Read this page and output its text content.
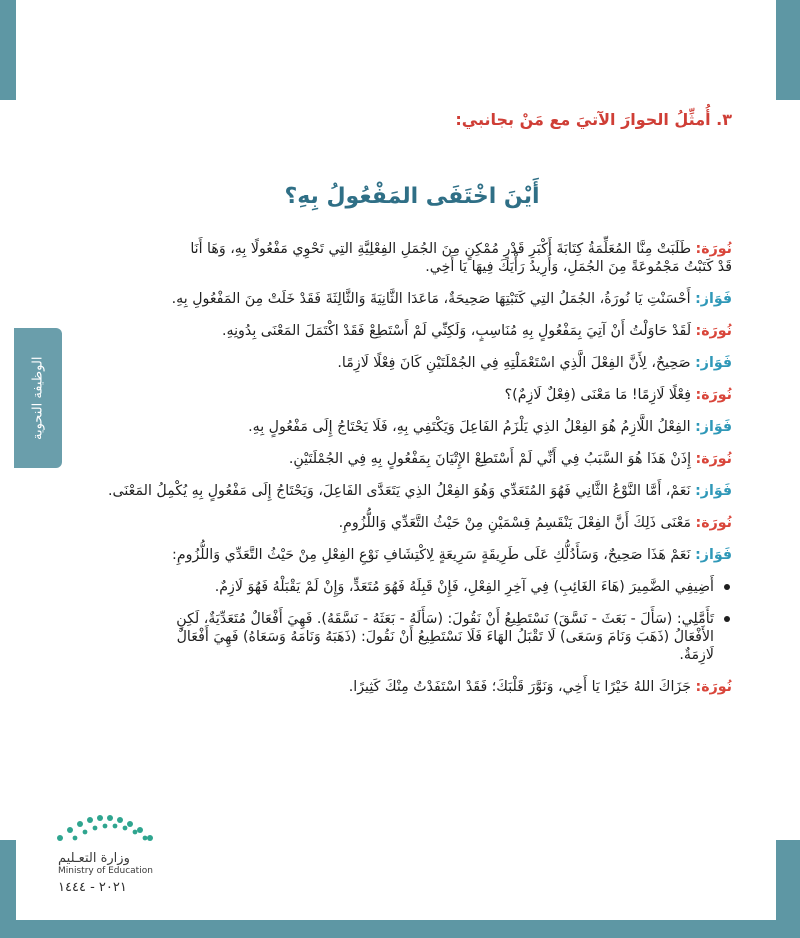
الوظيفة النحوية

٣. أُمثِّلُ الحوارَ الآتيَ مع مَنْ بجانبي:

أَيْنَ اخْتَفَى المَفْعُولُ بِهِ؟

نُورَة: طَلَبَتْ مِنَّا المُعَلِّمَةُ كِتَابَةَ أَكْبَرِ قَدْرٍ مُمْكِنٍ مِنَ الجُمَلِ الفِعْلِيَّةِ التِي تَحْوِي مَفْعُولًا بِهِ، وَهَا أَنَا

قَدْ كَتَبْتُ مَجْمُوعَةً مِنَ الجُمَلِ، وَأُرِيدُ رَأْيَكَ فِيهَا يَا أَخِي.

فَوَاز: أَحْسَنْتِ يَا نُورَةُ، الجُمَلُ التِي كَتَبْتِهَا صَحِيحَةٌ، مَاعَدَا الثَّانِيَةَ وَالثَّالِثَةَ فَقَدْ خَلَتْ مِنَ المَفْعُولِ بِهِ.

نُورَة: لَقَدْ حَاوَلْتُ أَنْ آتِيَ بِمَفْعُولٍ بِهِ مُنَاسِبٍ، وَلَكِنِّي لَمْ أَسْتَطِعْ فَقَدْ اكْتَمَلَ المَعْنَى بِدُونِهِ.

فَوَاز: صَحِيحٌ، لِأَنَّ الفِعْلَ الَّذِي اسْتَعْمَلْتِهِ فِي الجُمْلَتَيْنِ كَانَ فِعْلًا لَازِمًا.

نُورَة: فِعْلًا لَازِمًا! مَا مَعْنَى (فِعْلٌ لَازِمٌ)؟

فَوَاز: الفِعْلُ اللَّازِمُ هُوَ الفِعْلُ الذِي يَلْزَمُ الفَاعِلَ وَيَكْتَفِي بِهِ، فَلَا يَحْتَاجُ إِلَى مَفْعُولٍ بِهِ.

نُورَة: إِذَنْ هَذَا هُوَ السَّبَبُ فِي أَنِّي لَمْ أَسْتَطِعْ الإِتْيَانَ بِمَفْعُولٍ بِهِ فِي الجُمْلَتَيْنِ.

فَوَاز: نَعَمْ، أَمَّا النَّوْعُ الثَّانِي فَهُوَ المُتَعَدِّي وَهُوَ الفِعْلُ الذِي يَتَعَدَّى الفَاعِلَ، وَيَحْتَاجُ إِلَى مَفْعُولٍ بِهِ يُكْمِلُ المَعْنَى.

نُورَة: مَعْنَى ذَلِكَ أَنَّ الفِعْلَ يَنْقَسِمُ قِسْمَيْنِ مِنْ حَيْثُ التَّعَدِّي وَاللُّزُومِ.

فَوَاز: نَعَمْ هَذَا صَحِيحٌ، وَسَأَدُلُّكِ عَلَى طَرِيقَةٍ سَرِيعَةٍ لِاكْتِشَافِ نَوْعِ الفِعْلِ مِنْ حَيْثُ التَّعَدِّي وَاللُّزُومِ:

أَضِيفِي الضَّمِيرَ (هَاءَ الغَائِبِ) فِي آخِرِ الفِعْلِ، فَإِنْ قَبِلَهُ فَهُوَ مُتَعَدٍّ، وَإِنْ لَمْ يَقْبَلْهُ فَهُوَ لَازِمٌ.

تَأَمَّلِي: (سَأَلَ - بَعَثَ - نَسَّقَ) نَسْتَطِيعُ أَنْ نَقُولَ: (سَأَلَهُ - بَعَثَهُ - نَسَّقَهُ). فَهِيَ أَفْعَالٌ مُتَعَدِّيَةٌ، لَكِنِ

الأَفْعَالُ (ذَهَبَ وَنَامَ وَسَعَى) لَا تَقْبَلُ الهَاءَ فَلَا نَسْتَطِيعُ أَنْ نَقُولَ: (ذَهَبَهُ وَنَامَهُ وَسَعَاهُ) فَهِيَ أَفْعَالٌ

لَازِمَةٌ.

نُورَة: جَزَاكَ اللهُ خَيْرًا يَا أَخِي، وَنَوَّرَ قَلْبَكَ؛ فَقَدْ اسْتَفَدْتُ مِنْكَ كَثِيرًا.

وزارة التعـليم
Ministry of Education
٢٠٢١ - ١٤٤٤
